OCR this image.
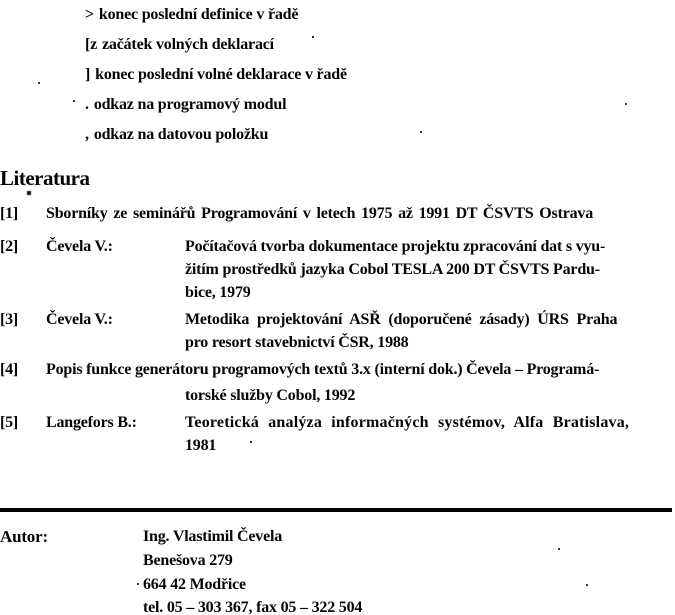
> konec poslední definice v řadě
[z začátek volných deklarací
] konec poslední volné deklarace v řadě
. odkaz na programový modul
, odkaz na datovou položku
Literatura
[1] Sborníky ze seminářů Programování v letech 1975 až 1991 DT ČSVTS Ostrava
[2] Čevela V.:	Počítačová tvorba dokumentace projektu zpracování dat s vyu-
žitím prostředků jazyka Cobol TESLA 200 DT ČSVTS Pardu-
bice, 1979
[3] Čevela V.:	Metodika projektování ASŘ (doporučené zásady) ÚRS Praha
pro resort stavebnictví ČSR, 1988
[4] Popis funkce generátoru programových textů 3.x (interní dok.) Čevela – Programá-
torské služby Cobol, 1992
[5] Langefors B.:	Teoretická analýza informačných systémov, Alfa Bratislava,
1981
Autor:	Ing. Vlastimil Čevela
Benešova 279
664 42 Modřice
tel. 05 – 303 367, fax 05 – 322 504
